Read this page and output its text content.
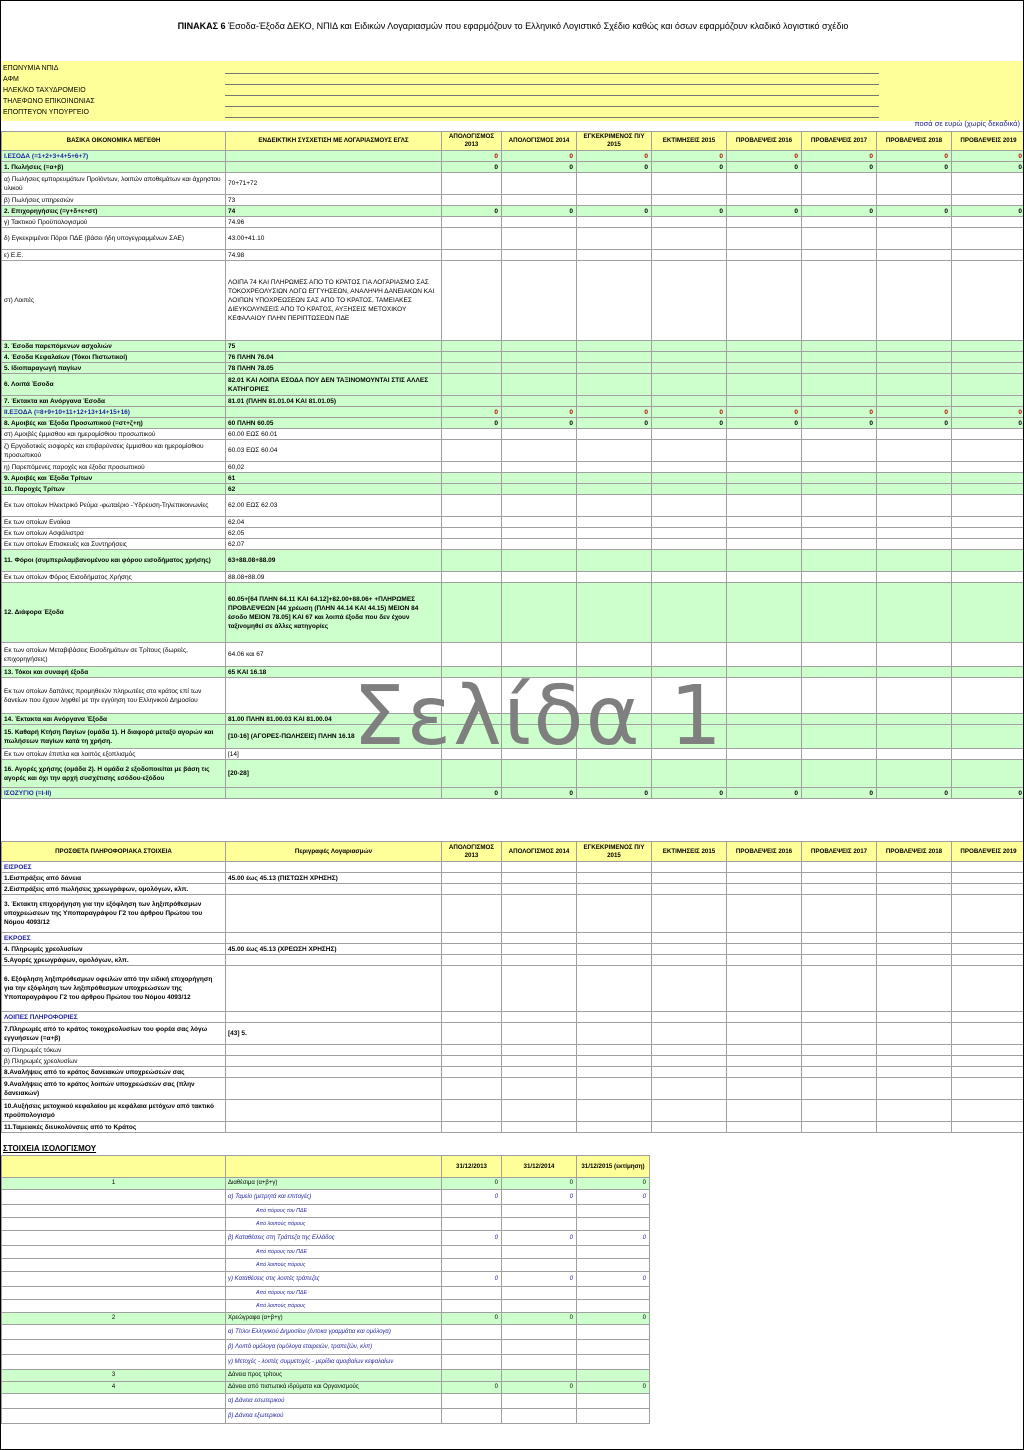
ΠΙΝΑΚΑΣ 6 Έσοδα-Έξοδα ΔΕΚΟ, ΝΠΙΔ και Ειδικών Λογαριασμών που εφαρμόζουν το Ελληνικό Λογιστικό Σχέδιο καθώς και όσων εφαρμόζουν κλαδικό λογιστικό σχέδιο
ΕΠΩΝΥΜΙΑ ΝΠΙΔ
ΑΦΜ
ΗΛΕΚ/ΚΟ ΤΑΧΥΔΡΟΜΕΙΟ
ΤΗΛΕΦΩΝΟ ΕΠΙΚΟΙΝΩΝΙΑΣ
ΕΠΟΠΤΕΥΟΝ ΥΠΟΥΡΓΕΙΟ
ποσά σε ευρώ (χωρίς δεκαδικά)
ΒΑΣΙΚΑ ΟΙΚΟΝΟΜΙΚΑ ΜΕΓΕΘΗ	ΕΝΔΕΙΚΤΙΚΗ ΣΥΣΧΕΤΙΣΗ ΜΕ ΛΟΓΑΡΙΑΣΜΟΥΣ ΕΓΛΣ	ΑΠΟΛΟΓΙΣΜΟΣ 2013	ΑΠΟΛΟΓΙΣΜΟΣ 2014	ΕΓΚΕΚΡΙΜΕΝΟΣ Π/Υ 2015	ΕΚΤΙΜΗΣΕΙΣ 2015	ΠΡΟΒΛΕΨΕΙΣ 2016	ΠΡΟΒΛΕΨΕΙΣ 2017	ΠΡΟΒΛΕΨΕΙΣ 2018	ΠΡΟΒΛΕΨΕΙΣ 2019
Ι.ΕΣΟΔΑ (=1+2+3+4+5+6+7)		0	0	0	0	0	0	0	0
1. Πωλήσεις (=α+β)		0	0	0	0	0	0	0	0
α) Πωλήσεις εμπορευμάτων Προϊόντων, λοιπών αποθεμάτων και άχρηστου υλικού	70+71+72								
β) Πωλήσεις υπηρεσιών	73								
2. Επιχορηγήσεις (=γ+δ+ε+στ)	74	0	0	0	0	0	0	0	0
γ) Τακτικού Προϋπολογισμού	74.96								
δ) Εγκεκριμένοι Πόροι ΠΔΕ (βάσει ήδη υπογεγραμμένων ΣΑΕ)	43.00+41.10								
ε) Ε.Ε.	74.98								
στ) Λοιπές	ΛΟΙΠΑ 74 ΚΑΙ ΠΛΗΡΩΜΕΣ ΑΠΟ ΤΟ ΚΡΑΤΟΣ ΓΙΑ ΛΟΓΑΡΙΑΣΜΟ ΣΑΣ ΤΟΚΟΧΡΕΟΛΥΣΙΩΝ ΛΟΓΩ ΕΓΓΥΗΣΕΩΝ, ΑΝΑΛΗΨΗ ΔΑΝΕΙΑΚΩΝ ΚΑΙ ΛΟΙΠΩΝ ΥΠΟΧΡΕΩΣΕΩΝ ΣΑΣ ΑΠΟ ΤΟ ΚΡΑΤΟΣ, ΤΑΜΕΙΑΚΕΣ ΔΙΕΥΚΟΛΥΝΣΕΙΣ ΑΠΟ ΤΟ ΚΡΑΤΟΣ, ΑΥΞΗΣΕΙΣ ΜΕΤΟΧΙΚΟΥ ΚΕΦΑΛΑΙΟΥ ΠΛΗΝ ΠΕΡΙΠΤΩΣΕΩΝ ΠΔΕ								
3. Έσοδα παρεπόμενων ασχολιών	75								
4. Έσοδα Κεφαλαίων (Τόκοι Πιστωτικοί)	76 ΠΛΗΝ 76.04								
5. Ιδιοπαραγωγή παγίων	78 ΠΛΗΝ 78.05								
6. Λοιπά Έσοδα	82.01 ΚΑΙ ΛΟΙΠΑ ΕΣΟΔΑ ΠΟΥ ΔΕΝ ΤΑΞΙΝΟΜΟΥΝΤΑΙ ΣΤΙΣ ΑΛΛΕΣ ΚΑΤΗΓΟΡΙΕΣ								
7. Έκτακτα και Ανόργανα Έσοδα	81.01 (ΠΛΗΝ 81.01.04 ΚΑΙ 81.01.05)								
ΙΙ.ΕΞΟΔΑ (=8+9+10+11+12+13+14+15+16)		0	0	0	0	0	0	0	0
8. Αμοιβές και Έξοδα Προσωπικού (=στ+ζ+η)	60 ΠΛΗΝ 60.05	0	0	0	0	0	0	0	0
στ) Αμοιβές έμμισθου και ημερομίσθιου προσωπικού	60.00 ΕΩΣ 60.01								
ζ) Εργοδοτικές εισφορές και επιβαρύνσεις έμμισθου και ημερομίσθιου προσωπικού	60.03 ΕΩΣ 60.04								
η) Παρεπόμενες παροχές και έξοδα προσωπικού	60,02								
9. Αμοιβές και Έξοδα Τρίτων	61								
10. Παροχές Τρίτων	62								
Εκ των οποίων Ηλεκτρικό Ρεύμα -φωταέριο -Ύδρευση-Τηλεπικοινωνίες	62.00 ΕΩΣ 62.03								
Εκ των οποίων Ενοίκια	62.04								
Εκ των οποίων Ασφάλιστρα	62.05								
Εκ των οποίων Επισκευές και Συντηρήσεις	62.07								
11. Φόροι (συμπεριλαμβανομένου και φόρου εισοδήματος χρήσης)	63+88.08+88.09								
Εκ των οποίων Φόρος Εισοδήματος Χρήσης	88.08+88.09								
12. Διάφορα Έξοδα	60.05+[64 ΠΛΗΝ 64.11 ΚΑΙ 64.12]+82.00+88.06+ +ΠΛΗΡΩΜΕΣ ΠΡΟΒΛΕΨΕΩΝ [44 χρέωση (ΠΛΗΝ 44.14 ΚΑΙ 44.15) ΜΕΙΟΝ 84 έσοδο ΜΕΙΟΝ 78.05] ΚΑΙ 67 και λοιπά έξοδα που δεν έχουν ταξινομηθεί σε άλλες κατηγορίες								
Εκ των οποίων Μεταβιβάσεις Εισοδημάτων σε Τρίτους (δωρεές, επιχορηγήσεις)	64.06 και 67								
13. Τόκοι και συναφή έξοδα	65 ΚΑΙ 16.18								
Εκ των οποίων δαπάνες προμηθειών πληρωτέες στο κράτος επί των δανείων που έχουν ληφθεί με την εγγύηση του Ελληνικού Δημοσίου									
14. Έκτακτα και Ανόργανα Έξοδα	81.00 ΠΛΗΝ 81.00.03 ΚΑΙ 81.00.04								
15. Καθαρή Κτήση Παγίων (ομάδα 1). Η διαφορά μεταξύ αγορών και πωλήσεων παγίων κατά τη χρήση.	[10-16] (ΑΓΟΡΕΣ-ΠΩΛΗΣΕΙΣ) ΠΛΗΝ 16.18								
Εκ των οποίων έπιπλα και λοιπός εξοπλισμός	[14]								
16. Αγορές χρήσης (ομάδα 2). Η ομάδα 2 εξοδοποιείται με βάση τις αγορές και όχι την αρχή συσχέτισης εσόδου-εξόδου	[20-28]								
ΙΣΟΖΥΓΙΟ (=Ι-ΙΙ)		0	0	0	0	0	0	0	0
ΠΡΟΣΘΕΤΑ ΠΛΗΡΟΦΟΡΙΑΚΑ ΣΤΟΙΧΕΙΑ	Περιγραφές Λογαριασμών	ΑΠΟΛΟΓΙΣΜΟΣ 2013	ΑΠΟΛΟΓΙΣΜΟΣ 2014	ΕΓΚΕΚΡΙΜΕΝΟΣ Π/Υ 2015	ΕΚΤΙΜΗΣΕΙΣ 2015	ΠΡΟΒΛΕΨΕΙΣ 2016	ΠΡΟΒΛΕΨΕΙΣ 2017	ΠΡΟΒΛΕΨΕΙΣ 2018	ΠΡΟΒΛΕΨΕΙΣ 2019
ΕΙΣΡΟΕΣ									
1.Εισπράξεις από δάνεια	45.00 έως 45.13 (ΠΙΣΤΩΣΗ ΧΡΗΣΗΣ)								
2.Εισπράξεις από πωλήσεις χρεωγράφων, ομολόγων, κλπ.									
3. Έκτακτη επιχορήγηση για την εξόφληση των ληξιπρόθεσμων υποχρεώσεων της Υποπαραγράφου Γ2 του άρθρου Πρώτου του Νόμου 4093/12									
ΕΚΡΟΕΣ									
4. Πληρωμές χρεολυσίων	45.00 έως 45.13 (ΧΡΕΩΣΗ ΧΡΗΣΗΣ)								
5.Αγορές χρεωγράφων, ομολόγων, κλπ.									
6. Εξόφληση ληξιπρόθεσμων οφειλών από την ειδική επιχορήγηση για την εξόφληση των ληξιπρόθεσμων υποχρεώσεων της Υποπαραγράφου Γ2 του άρθρου Πρώτου του Νόμου 4093/12									
ΛΟΙΠΕΣ ΠΛΗΡΟΦΟΡΙΕΣ									
7.Πληρωμές από το κράτος τοκοχρεολυσίων του φορέα σας λόγω εγγυήσεων (=α+β)	[43] 5.								
α) Πληρωμές τόκων									
β) Πληρωμές χρεολυσίων									
8.Αναλήψεις από το κράτος δανειακών υποχρεώσεών σας									
9.Αναλήψεις από το κράτος λοιπών υποχρεώσεών σας (πλην δανειακών)									
10.Αυξήσεις μετοχικού κεφαλαίου με κεφάλαια μετόχων από τακτικό προϋπολογισμό									
11.Ταμειακές διευκολύνσεις από το Κράτος									
ΣΤΟΙΧΕΙΑ ΙΣΟΛΟΓΙΣΜΟΥ
		31/12/2013	31/12/2014	31/12/2015 (εκτίμηση)
1	Διαθέσιμα (α+β+γ)	0	0	0
	α) Ταμείο (μετρητά και επιταγές)	0	0	0
	Από πόρους του ΠΔΕ			
	Από λοιπούς πόρους			
	β) Καταθέσεις στη Τράπεζα της Ελλάδος	0	0	0
	Από πόρους του ΠΔΕ			
	Από λοιπούς πόρους			
	γ) Καταθέσεις στις λοιπές τράπεζες	0	0	0
	Από πόρους του ΠΔΕ			
	Από λοιπούς πόρους			
2	Χρεώγραφα (α+β+γ)	0	0	0
	α) Τίτλοι Ελληνικού Δημοσίου (έντοκα γραμμάτια και ομόλογα)			
	β) Λοιπά ομόλογα (ομόλογα εταιρειών, τραπεζών, κλπ)			
	γ) Μετοχές - λοιπές συμμετοχές - μερίδια αμοιβαίων κεφαλαίων			
3	Δάνεια προς τρίτους			
4	Δάνεια από πιστωτικά ιδρύματα και Οργανισμούς	0	0	0
	α) Δάνεια εσωτερικού			
	β) Δάνεια εξωτερικού			
Σελίδα 1
